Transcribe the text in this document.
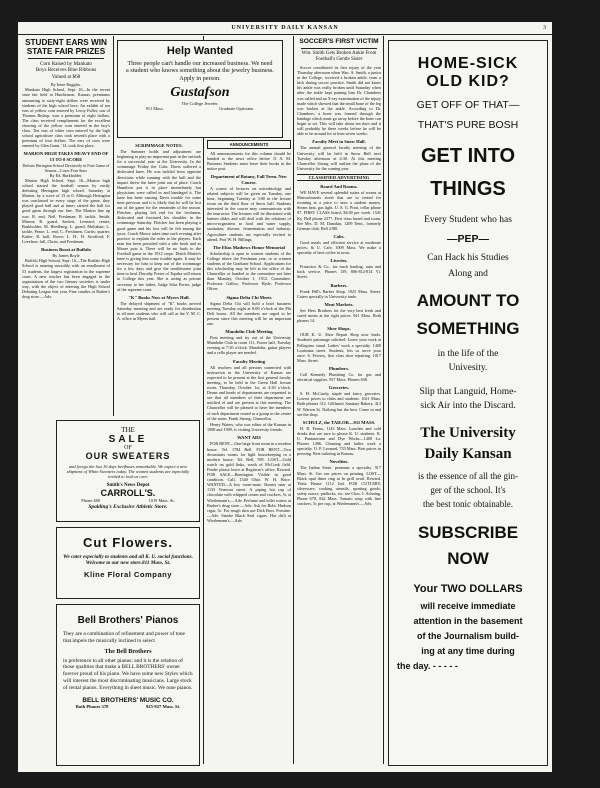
UNIVERSITY DAILY KANSAN	3
STUDENT EARS WIN
STATE FAIR PRIZES
Corn Raised by Mankato
Boys Receives Blue Ribbons
Valued at $68
By Irene Ruggles.

Mankato High School, Sept. 16—In the recent state fair held at Hutchinson, Kansas, premiums amounting to sixty-eight dollars were received by students of the high school here. An exhibit of ten ears of yellow corn entered by Leroy Fuller, son of Thomas Bishop, won a premium of eight dollars. The class received compliments for the excellent showing of the yellow corn entered in the boy's class. Ten ears of white corn entered by the high school agriculture class took seventh place with a premium of four dollars. The ears of corn were entered by Glen Grant, '14, took first place.

MARION HIGH TAKES HEAVY END OF 13 TO 0 SCORE
Defeats Herington School Decisively in First Game of Season—Loses Four Stars
By Ed. Burkholder.

Marion High School, Sept. 16—Marion high school started the football season by easily defeating Herington high school, Saturday at Marion, by a score of 13 to 0. Although Herington was outclassed in every stage of the game, they played good ball and at times carried the ball for good gains through our line. The Marion line up was: R. end, Neil, Freshman; R. tackle, Smith, Minear; R. guard, Sackett, Leonard; center, Burkholder; M. Heedburg, L. guard, Moliahan; L. tackle, Pease; L. end, C. Freshmen, Curtis; quarter, Kuber; R. half, Rowe; L. H., H. Swafford; F. Lovelace; full, Christ, and Freshmen.

Business Boost at Buffalo
By James Boyle

Buffalo High School, Sept. 16—The Buffalo High School is running smoothly with an enrollment of 53 students, the largest registration in the supreme court. A new teacher has been engaged in the organization of the two literary societies is under way, with the object of entering the High School Debating League this year. Fine candies at Barber's drug store.—Adv.

Help Wanted
Three people can't handle our increased business. We need a student who knows something about the jewelry business. Apply in person.
Gustafson
The College Jeweler.
911 Mass.	Graduate Opticians.
SCRIMMAGE NOTES.

The Summer holds and adjustment are beginning to play an important part in the outlook for a successful year at the University. In the scrimmage Friday the Cubs, Davis suffered a dislocated knee. He was tackled from opposite directions while running with the ball and the impact threw the knee joint out of place. Coach Hamilton put it in place immediately but physicians were called in and bandaged it. The knee has been causing Davis trouble for some time previous and it is likely that he will be lost out of the game for the remainder of the season. Fletcher, playing left end for the freshmen, dislocated and fractured his shoulder in the scrimmage Saturday. Fletcher has been playing a good game and his loss will be felt among the tyros. Coach Moore takes time each evening after practice to explain the rules to the players. Each man has been provided with a rule book and as Moore puts it, There will be no fouls to the Football game in the 1912 crops. Dutch Martin's knee is giving him some trouble again. It may be necessary for him to keep out of the scrimmage for a few days and give the troublesome joint time to heal. Dorothy Porter of Topeka will return to College this year. She is acting as private secretary to her father, Judge Silas Porter, judge of the supreme court.

"K" Books Now at Myers Hall.

The delayed shipment of "K" books arrived Saturday morning and are ready for distribution to all men students who will call at the Y. M. C. A. office in Myers hall.

ANNOUNCEMENTS

All announcements for this column should be handed to the news office before 11 A. M. Business Students must leave their books in the notice post.

Department of Botany, Fall Term. New Course.

A course of lectures on microbiology and related subjects will be given on Tuesday, one hour, beginning Tuesday at 3:00 in the lecture room on the third floor of Snow hall. Students interested in the course may communicate with the instructor. The lectures will be illustrated with lantern slides and will deal with the relations of micro-organisms to food and water supply, sanitation, disease, fermentation and industry. Agriculture students are especially invited to attend. Prof W. H. Billings.

The Elias Mathews Honor Memorial

Scholarship is open to women students of the College above the Freshman year, or to women students of the Graduate School. Applications for this scholarship may be left at the office of the Chancellor or handed to the committee not later than Monday, October 1, 1912. Committee, Professor Galloo, Professor Hyde, Professor Oliver.

Sigma Delta Chi Meets

Sigma Delta Chi will hold a brief business meeting Tuesday night at 8:00 o'clock at the Phi Delt house. All the members are urged to be present since this meeting will be an important one.

Mandolin Club Meeting

First meeting and try out of the University Mandolin Club in room 111, Fraser hall, Tuesday evening at 7:30 o'clock. Mandolin, guitar players and a cello player are needed.

Faculty Meeting

All teachers and all persons connected with instruction in the University of Kansas are expected to be present at the first general faculty meeting, to be held in the Green Hall lecture room, Thursday, October 1st, at 4:30 o'clock. Deans and heads of departments are requested to see that all members of their department are notified of and are present at this meeting. The Chancellor will be pleased to have the members of each department seated as a group in the center of the room. Frank Strong, Chancellor.

Henry Waters, who was editor of the Kansan in 1908 and 1909, is visiting University friends.

WANT ADS

FOR RENT—One large front room in a modern house. Tel. 1784 Bell. FOR RENT—Two downstairs rooms for light housekeeping in a modern house. Tel. Bell, 995. LOST—Gold watch on gold links, south of McCook field. Finder please leave at Registrar's office. Reward. FOR SALE—Remington Visible in good condition. Call, 1340 Ohio. W. H. Brice. WANTED—A boy room-mate. Rooms near at 1133 Vermont street. A piping hot cup of chocolate with whipped cream and crackers, 5c at Wiedemann's.—Adv. Perfume and toilet waters at Barber's drug store.—Adv. Ask for Bobt. Hudson cigar, 5c. For rough skin use Dick Bros. Frostine.—Adv. Smoke Black Seal cigars. Hot chili at Wiedemann's.—Adv.

SOCCER'S FIRST VICTIM
Wm. Smith Gets Broken Ankle From Football's Gentle Sister

Soccer contributed its first injury of the year Thursday afternoon when Wm. A. Smith, a junior in the College, received a broken ankle, from a kick during soccer practice. Smith did not know his ankle was really broken until Saturday when after the ankle kept paining him Dr. Chambers was called and an X-ray examination of the injury made which showed that the small bone of the leg was broken at the ankle. According to Dr. Chambers, a bone was formed through the bandage which must go away before the bone can begin to set. This will take about ten days and it will probably be three weeks before he will be able to be around for at least seven weeks.

Faculty Meet in Snow Hall.

The annual general faculty meeting of the University will be held in Snow Hall next Tuesday afternoon at 4:30. At this meeting Chancellor Strong will outline the plans of the University for the coming year.

CLASSIFIED ADVERTISING
Board And Rooms.

WE HAVE several splendid suites of rooms at Massachusetts street that are to rented for rooming at a price to save a student money. Steam heat, gas light. U. S. G. Pratt, cellar phone 97. FIRST CLASS board, $4.00 per week. 1541 Ky. Bell phone 2377. First class board and room. See Mrs. D. M. Dunakin, 1209 Tenn., formerly German club. Bell 2180.

Cabs.

Good meals and efficient service at moderate prices, & U. Cafe, 1009 Mass. We make a specialty of best coffee in town.

Liveries.

Francisco & Co., for truck hauling, auto and hack service. Phones 139, 806-812-814 Vt. Street.

Barbers.

Frank Hill's Barber Shop, 1025 Mass. Street. Caters specially to University trade.

Meat Markets.

See Hess Brothers for the very best fresh and cured meats at the right prices. 941 Mass. Both phones 14.

Shoe Shops.

OUR K. U. Shoe Repair Shop now leads. Student's patronage solicited. Leave your work at Pellegrino stand. Ladies' work a specialty. 1400 Louisiana street. Students, lets us serve your once. S. Fewsey, first class shoe repairing. 1017 Mass. Street.

Plumbers.

Call Kennedy Plumbing Co. for gas and electrical supplies. 937 Mass. Phones 658.

Groceries.

S. H. McCurdy, staple and fancy groceries. Lowest prices to clubs and students. 1021 Mass. Both phones 312. Gillham's Sanitary Bakery, 413 W. Warren St. Nothing but the best. Come in and see the shop.

SCHULZ, the TAILOR—911 MASS.

H. R. Fenno, 1143 Mass. Lunches and cold drinks that are sure to please K. U. students. K. U. Pantatorium and Dye Works—1400 La. Phones 1496. Cleaning and ladies work a specialty. O. P. Leonard, 733 Mass. Best prices in pressing. Best tailoring in Kansas.

Novelties.

The Indian Store, pennants a specialty. 917 Mass. St. Get our prices on printing. LOST—Black opal diner ring at In grill avail. Reward. Theta House 1112 Ind. FOR CUTLERY, silverware, cooking utensils, sporting goods, safety razors, padlocks, etc. see Chas. J. Achning. Phone 678, 822 Mass. Tomato soup with fine crackers, 5c per cup, at Wiedemann's.—Adv.

THE
SALE
OF
OUR SWEATERS
and forego the last 10 days beefbuses remarkable. We expect a new shipment of White Sweaters today. The women students are especially invited to look us over.
Smith's News Depot
CARROLL'S.
Phone 469	1019 Mass. St.
Spalding's Exclusive Athletic Store.
Cut Flowers.
We cater especially to students and all K. U. social functions. Welcome to our new store.811 Mass. St.
Kline Floral Company
Bell Brothers' Pianos
They are a combination of refinement and power of tone that impels the musically inclined to select
The Bell Brothers
in preference to all other pianos: and it is the relation of those qualities that make a BELL BROTHERS' owner forever proud of his piano. We have some new Styles which will interest the most discriminating musicians. Large stock of rental pianos. Everything in sheet music. We tune pianos.
BELL BROTHERS' MUSIC CO.
Both Phones 378	925-927 Mass. St.
HOME-SICK
OLD KID?
GET OFF OF THAT—
THAT'S PURE BOSH
GET INTO
THINGS
Every Student who has
—PEP—
Can Hack his Studies
Along and
AMOUNT TO
SOMETHING
in the life of the
Univesity.
Slip that Languid, Home-
sick Air into the Discard.
The University
Daily Kansan
is the essence of all the gin-
ger of the school. It's
the best tonic obtainable.
SUBSCRIBE
NOW
Your TWO DOLLARS
will receive immediate
attention in the basement
of the Journalism build-
ing at any time during
the day. - - - - -
